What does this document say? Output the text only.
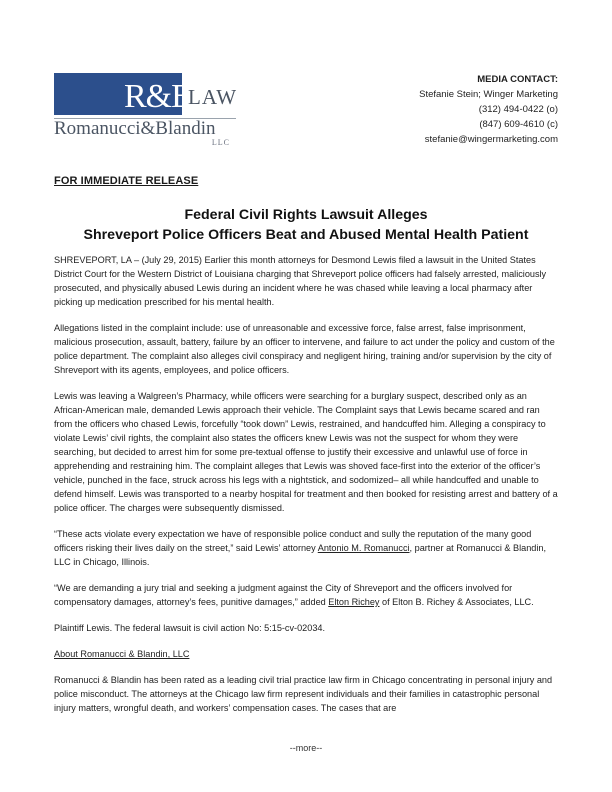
R&B
LAW
Romanucci&Blandin
LLC
MEDIA CONTACT:
Stefanie Stein; Winger Marketing
(312) 494-0422 (o)
(847) 609-4610 (c)
stefanie@wingermarketing.com
FOR IMMEDIATE RELEASE
Federal Civil Rights Lawsuit Alleges
Shreveport Police Officers Beat and Abused Mental Health Patient

SHREVEPORT, LA – (July 29, 2015) Earlier this month attorneys for Desmond Lewis filed a lawsuit in the United States District Court for the Western District of Louisiana charging that Shreveport police officers had falsely arrested, maliciously prosecuted, and physically abused Lewis during an incident where he was chased while leaving a local pharmacy after picking up medication prescribed for his mental health.

Allegations listed in the complaint include: use of unreasonable and excessive force, false arrest, false imprisonment, malicious prosecution, assault, battery, failure by an officer to intervene, and failure to act under the policy and custom of the police department. The complaint also alleges civil conspiracy and negligent hiring, training and/or supervision by the city of Shreveport with its agents, employees, and police officers.

Lewis was leaving a Walgreen’s Pharmacy, while officers were searching for a burglary suspect, described only as an African-American male, demanded Lewis approach their vehicle. The Complaint says that Lewis became scared and ran from the officers who chased Lewis, forcefully “took down” Lewis, restrained, and handcuffed him. Alleging a conspiracy to violate Lewis’ civil rights, the complaint also states the officers knew Lewis was not the suspect for whom they were searching, but decided to arrest him for some pre-textual offense to justify their excessive and unlawful use of force in apprehending and restraining him. The complaint alleges that Lewis was shoved face-first into the exterior of the officer’s vehicle, punched in the face, struck across his legs with a nightstick, and sodomized– all while handcuffed and unable to defend himself. Lewis was transported to a nearby hospital for treatment and then booked for resisting arrest and battery of a police officer. The charges were subsequently dismissed.

“These acts violate every expectation we have of responsible police conduct and sully the reputation of the many good officers risking their lives daily on the street,” said Lewis’ attorney Antonio M. Romanucci, partner at Romanucci & Blandin, LLC in Chicago, Illinois.

“We are demanding a jury trial and seeking a judgment against the City of Shreveport and the officers involved for compensatory damages, attorney’s fees, punitive damages,” added Elton Richey of Elton B. Richey & Associates, LLC.

Plaintiff Lewis. The federal lawsuit is civil action No: 5:15-cv-02034.

About Romanucci & Blandin, LLC

Romanucci & Blandin has been rated as a leading civil trial practice law firm in Chicago concentrating in personal injury and police misconduct. The attorneys at the Chicago law firm represent individuals and their families in catastrophic personal injury matters, wrongful death, and workers’ compensation cases. The cases that are

--more--
